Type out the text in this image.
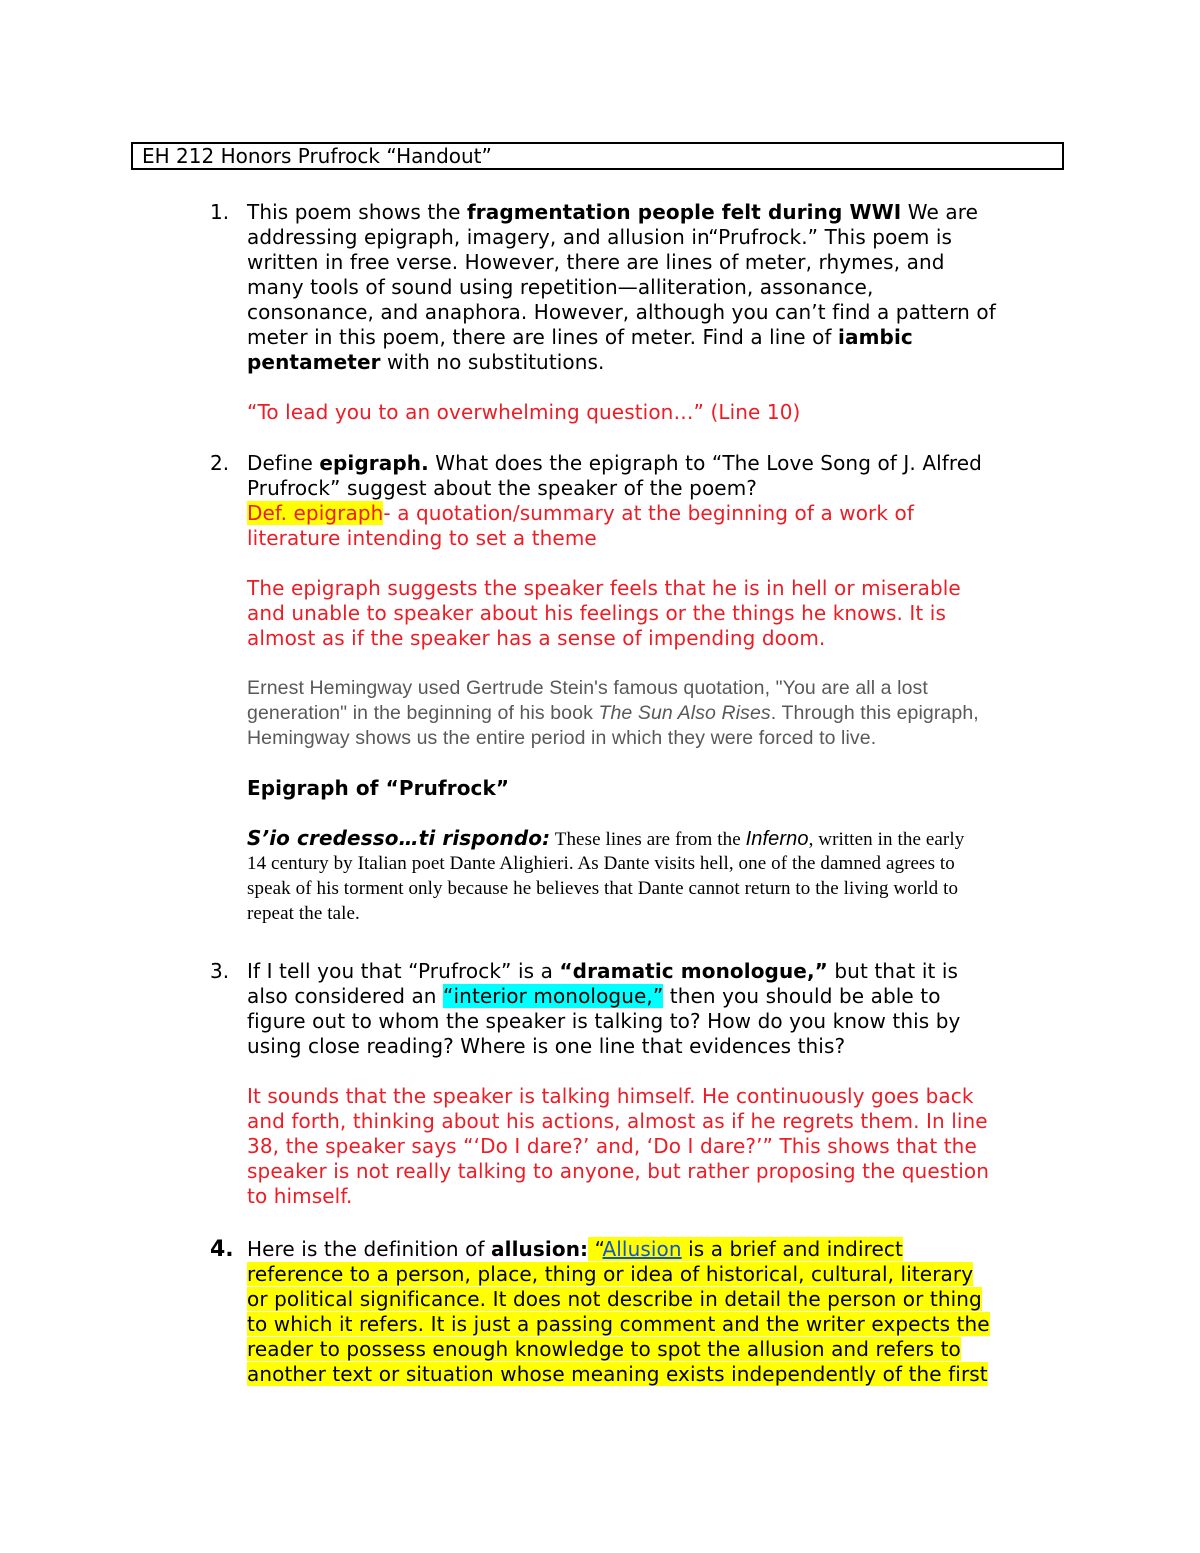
EH 212 Honors Prufrock “Handout”
1. This poem shows the fragmentation people felt during WWI We are
addressing epigraph, imagery, and allusion in“Prufrock.” This poem is
written in free verse. However, there are lines of meter, rhymes, and
many tools of sound using repetition—alliteration, assonance,
consonance, and anaphora. However, although you can’t find a pattern of
meter in this poem, there are lines of meter. Find a line of iambic
pentameter with no substitutions.
“To lead you to an overwhelming question…” (Line 10)
2. Define epigraph. What does the epigraph to “The Love Song of J. Alfred
Prufrock” suggest about the speaker of the poem?
Def. epigraph- a quotation/summary at the beginning of a work of
literature intending to set a theme
The epigraph suggests the speaker feels that he is in hell or miserable
and unable to speaker about his feelings or the things he knows. It is
almost as if the speaker has a sense of impending doom.
Ernest Hemingway used Gertrude Stein's famous quotation, "You are all a lost
generation" in the beginning of his book The Sun Also Rises. Through this epigraph,
Hemingway shows us the entire period in which they were forced to live.
Epigraph of “Prufrock”
S’io credesso…ti rispondo: These lines are from the Inferno, written in the early
14 century by Italian poet Dante Alighieri. As Dante visits hell, one of the damned agrees to
speak of his torment only because he believes that Dante cannot return to the living world to
repeat the tale.
3. If I tell you that “Prufrock” is a “dramatic monologue,” but that it is
also considered an “interior monologue,” then you should be able to
figure out to whom the speaker is talking to? How do you know this by
using close reading? Where is one line that evidences this?
It sounds that the speaker is talking himself. He continuously goes back
and forth, thinking about his actions, almost as if he regrets them. In line
38, the speaker says “‘Do I dare?’ and, ‘Do I dare?’” This shows that the
speaker is not really talking to anyone, but rather proposing the question
to himself.
4. Here is the definition of allusion: “Allusion is a brief and indirect
reference to a person, place, thing or idea of historical, cultural, literary
or political significance. It does not describe in detail the person or thing
to which it refers. It is just a passing comment and the writer expects the
reader to possess enough knowledge to spot the allusion and refers to
another text or situation whose meaning exists independently of the first
